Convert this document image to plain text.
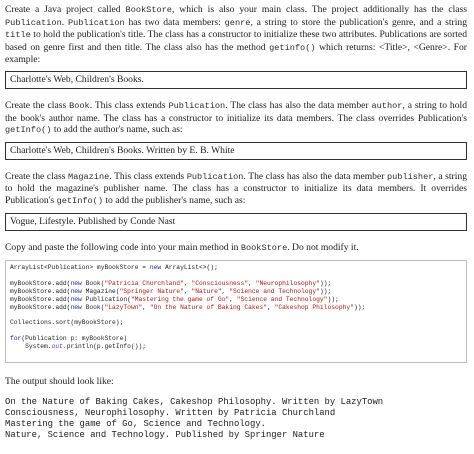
Create a Java project called BookStore, which is also your main class. The project additionally has the class Publication. Publication has two data members: genre, a string to store the publication's genre, and a string title to hold the publication's title. The class has a constructor to initialize these two attributes. Publications are sorted based on genre first and then title. The class also has the method getinfo() which returns: <Title>, <Genre>. For example:

Charlotte's Web, Children's Books.

Create the class Book. This class extends Publication. The class has also the data member author, a string to hold the book's author name. The class has a constructor to initialize its data members. The class overrides Publication's getInfo() to add the author's name, such as:

Charlotte's Web, Children's Books. Written by E. B. White

Create the class Magazine. This class extends Publication. The class has also the data member publisher, a string to hold the magazine's publisher name. The class has a constructor to initialize its data members. It overrides Publication's getInfo() to add the publisher's name, such as:

Vogue, Lifestyle. Published by Conde Nast

Copy and paste the following code into your main method in BookStore. Do not modify it.

ArrayList<Publication> myBookStore = new ArrayList<>();

myBookStore.add(new Book("Patricia Churchland", "Consciousness", "Neurophilosophy"));
myBookStore.add(new Magazine("Springer Nature", "Nature", "Science and Technology"));
myBookStore.add(new Publication("Mastering the game of Go", "Science and Technology"));
myBookStore.add(new Book("LazyTown", "On the Nature of Baking Cakes", "Cakeshop Philosophy"));

Collections.sort(myBookStore);

for(Publication p: myBookStore)
System.out.println(p.getInfo());

The output should look like:

On the Nature of Baking Cakes, Cakeshop Philosophy. Written by LazyTown
Consciousness, Neurophilosophy. Written by Patricia Churchland
Mastering the game of Go, Science and Technology.
Nature, Science and Technology. Published by Springer Nature
